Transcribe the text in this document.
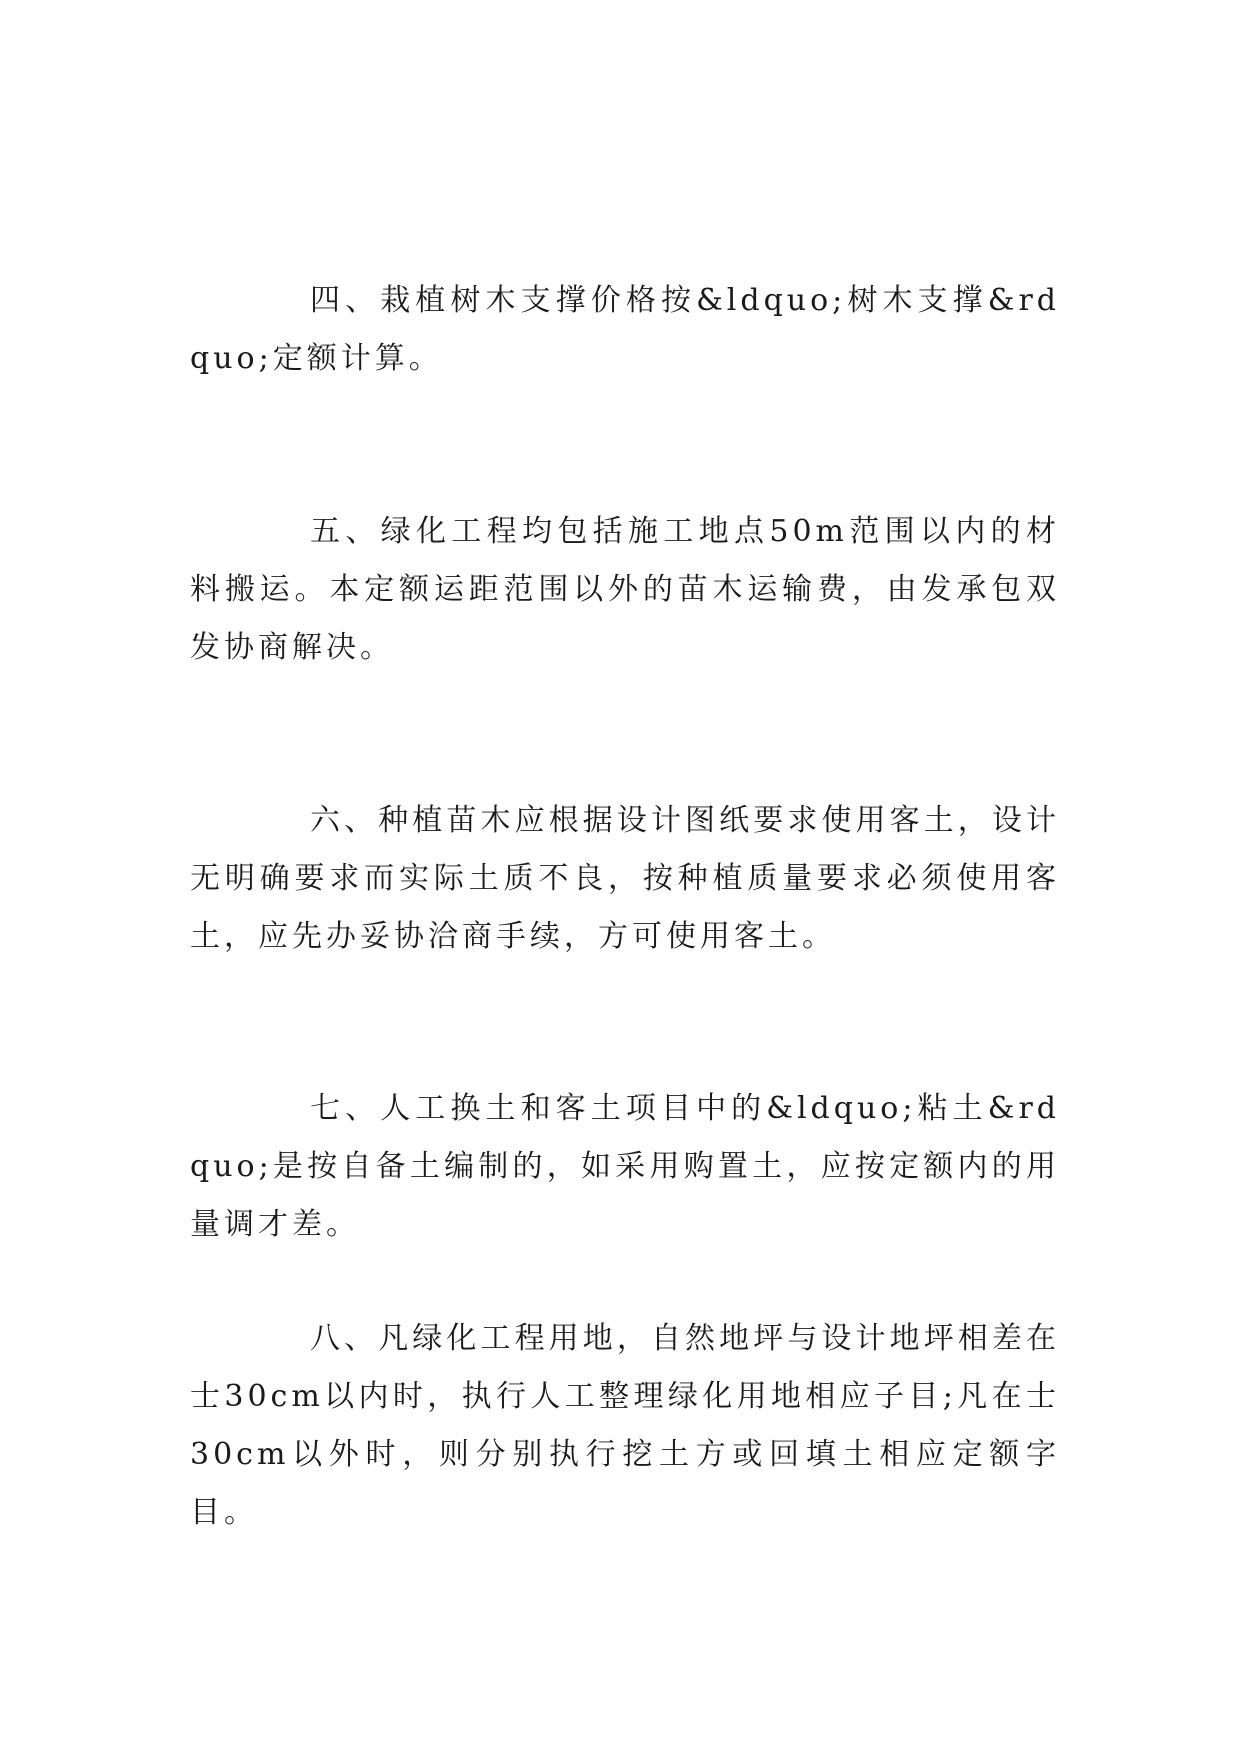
四、栽植树木支撑价格按&ldquo;树木支撑&rdquo;定额计算。

五、绿化工程均包括施工地点50m范围以内的材料搬运。本定额运距范围以外的苗木运输费，由发承包双发协商解决。

六、种植苗木应根据设计图纸要求使用客土，设计无明确要求而实际土质不良，按种植质量要求必须使用客土，应先办妥协洽商手续，方可使用客土。

七、人工换土和客土项目中的&ldquo;粘土&rdquo;是按自备土编制的，如采用购置土，应按定额内的用量调才差。

八、凡绿化工程用地，自然地坪与设计地坪相差在士30cm以内时，执行人工整理绿化用地相应子目;凡在士30cm以外时，则分别执行挖土方或回填土相应定额字目。
